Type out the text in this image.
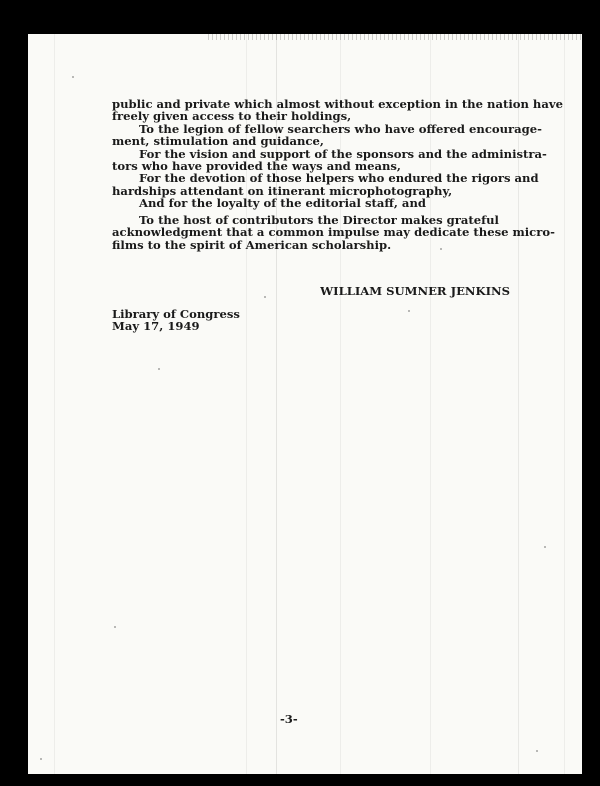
public and private which almost without exception in the nation have
freely given access to their holdings,
To the legion of fellow searchers who have offered encourage-
ment, stimulation and guidance,
For the vision and support of the sponsors and the administra-
tors who have provided the ways and means,
For the devotion of those helpers who endured the rigors and
hardships attendant on itinerant microphotography,
And for the loyalty of the editorial staff, and
To the host of contributors the Director makes grateful
acknowledgment that a common impulse may dedicate these micro-
films to the spirit of American scholarship.
WILLIAM SUMNER JENKINS
Library of Congress
May 17, 1949
-3-
